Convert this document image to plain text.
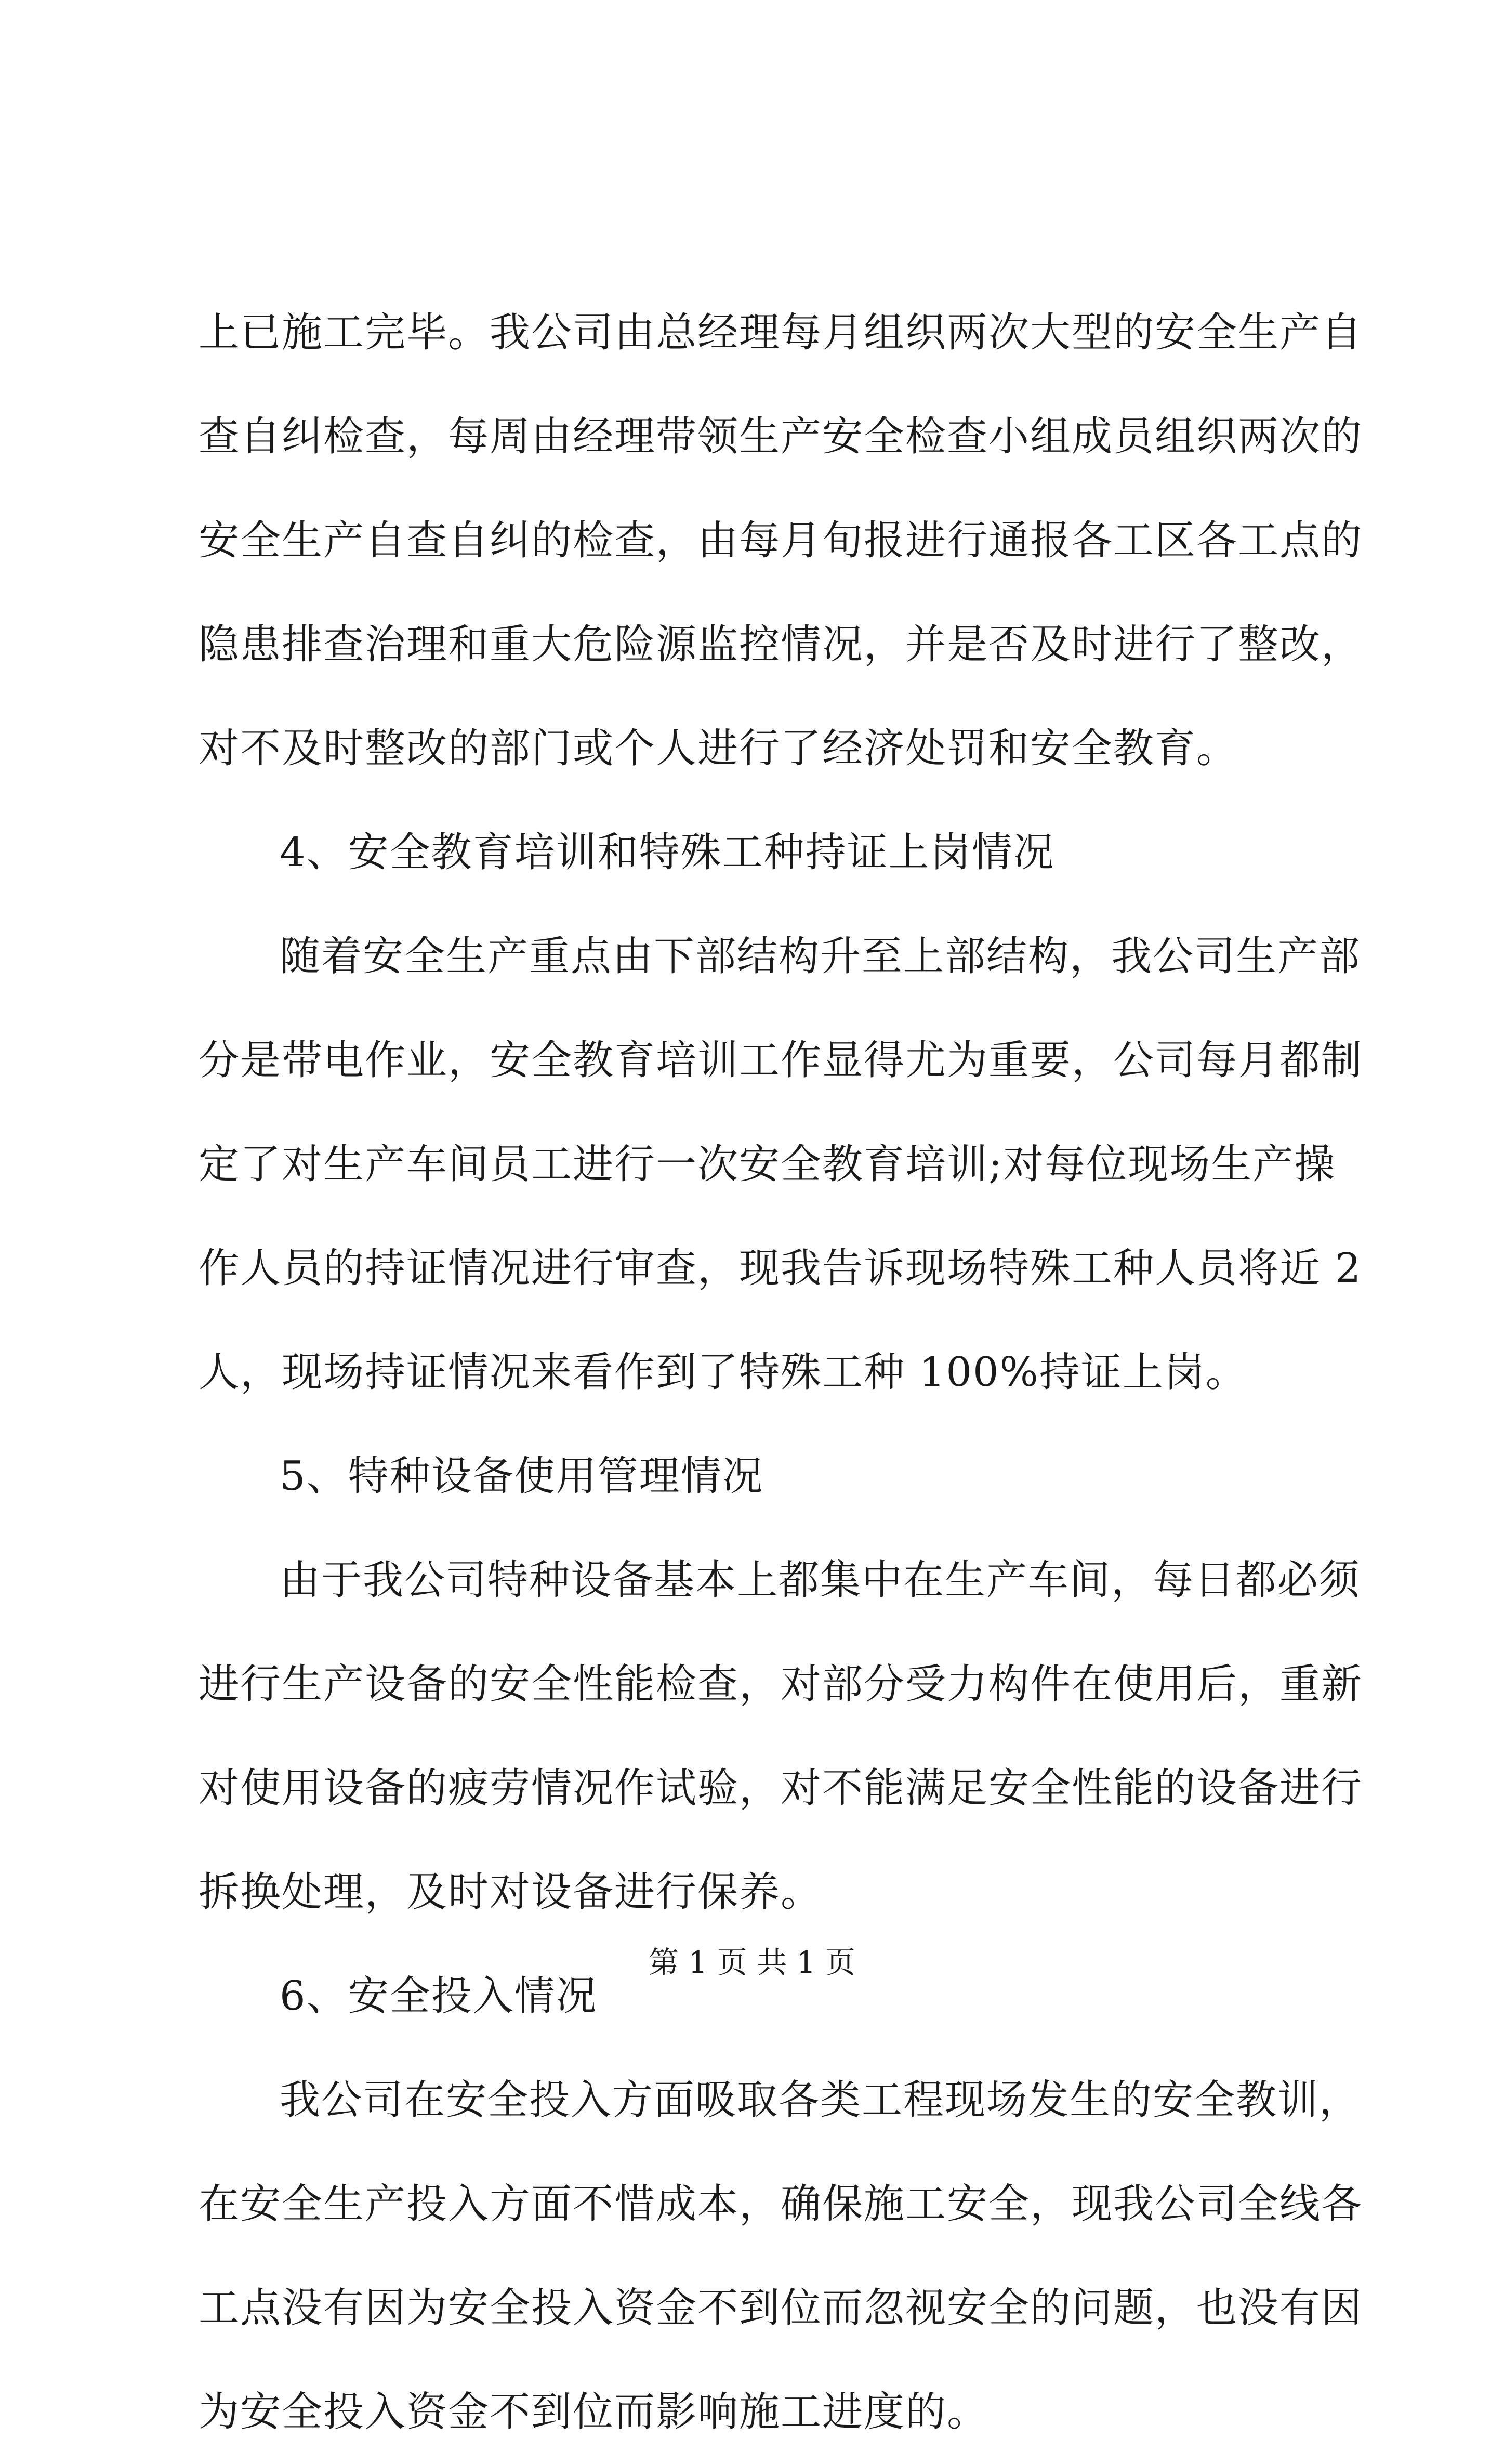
上已施工完毕。我公司由总经理每月组织两次大型的安全生产自
查自纠检查，每周由经理带领生产安全检查小组成员组织两次的
安全生产自查自纠的检查，由每月旬报进行通报各工区各工点的
隐患排查治理和重大危险源监控情况，并是否及时进行了整改，
对不及时整改的部门或个人进行了经济处罚和安全教育。
4、安全教育培训和特殊工种持证上岗情况
随着安全生产重点由下部结构升至上部结构，我公司生产部
分是带电作业，安全教育培训工作显得尤为重要，公司每月都制
定了对生产车间员工进行一次安全教育培训;对每位现场生产操
作人员的持证情况进行审查，现我告诉现场特殊工种人员将近 2
人，现场持证情况来看作到了特殊工种 100%持证上岗。
5、特种设备使用管理情况
由于我公司特种设备基本上都集中在生产车间，每日都必须
进行生产设备的安全性能检查，对部分受力构件在使用后，重新
对使用设备的疲劳情况作试验，对不能满足安全性能的设备进行
拆换处理，及时对设备进行保养。
6、安全投入情况
我公司在安全投入方面吸取各类工程现场发生的安全教训，
在安全生产投入方面不惜成本，确保施工安全，现我公司全线各
工点没有因为安全投入资金不到位而忽视安全的问题，也没有因
为安全投入资金不到位而影响施工进度的。
第 1 页 共 1 页
